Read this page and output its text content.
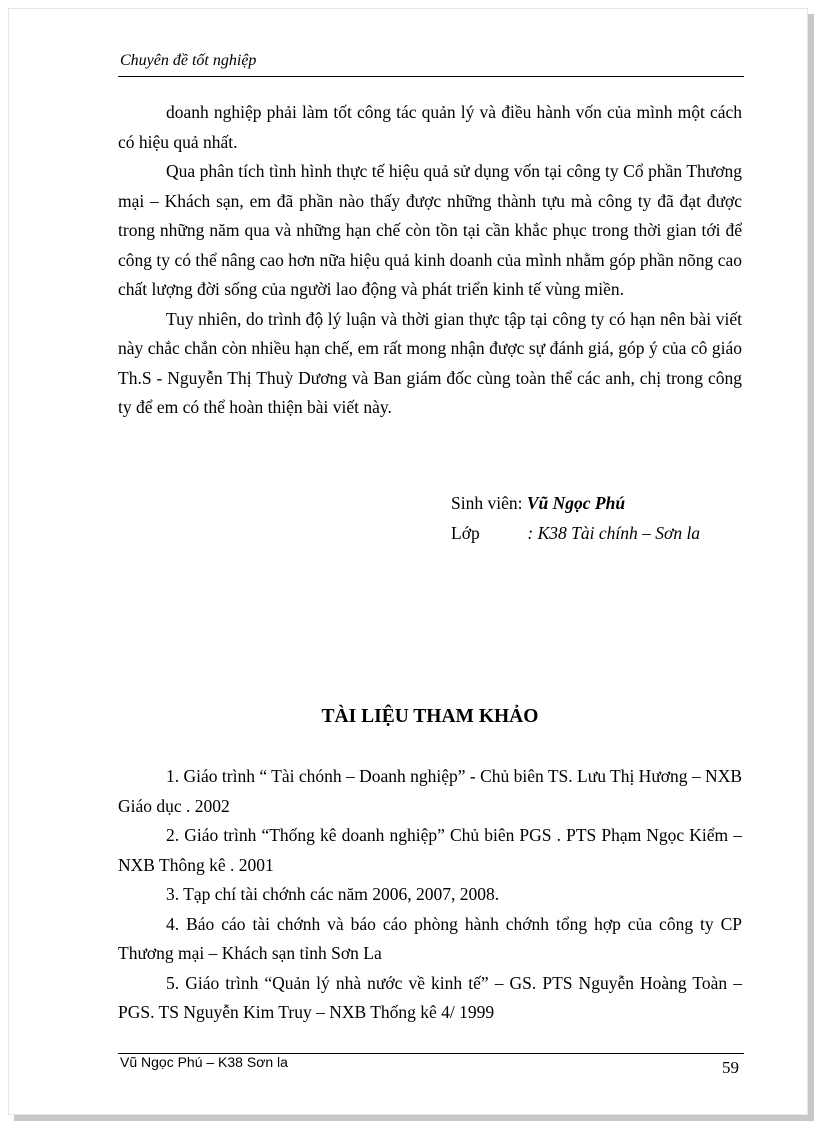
Chuyên đề tốt nghiệp

doanh nghiệp phải làm tốt công tác quản lý và điều hành vốn của mình một cách có hiệu quả nhất.

Qua phân tích tình hình thực tế hiệu quả sử dụng vốn tại công ty Cổ phần Thương mại – Khách sạn, em đã phần nào thấy được những thành tựu mà công ty đã đạt được trong những năm qua và những hạn chế còn tồn tại cần khắc phục trong thời gian tới để công ty có thể nâng cao hơn nữa hiệu quả kinh doanh của mình nhằm góp phần nõng cao chất lượng đời sống của người lao động và phát triển kinh tế vùng miền.

Tuy nhiên, do trình độ lý luận và thời gian thực tập tại công ty có hạn nên bài viết này chắc chắn còn nhiều hạn chế, em rất mong nhận được sự đánh giá, góp ý của cô giáo Th.S - Nguyễn Thị Thuỳ Dương và Ban giám đốc cùng toàn thể các anh, chị trong công ty để em có thể hoàn thiện bài viết này.

Sinh viên: Vũ Ngọc Phú
Lớp	: K38 Tài chính – Sơn la
TÀI LIỆU THAM KHẢO

1. Giáo trình “ Tài chónh – Doanh nghiệp” - Chủ biên TS. Lưu Thị Hương – NXB Giáo dục . 2002

2. Giáo trình “Thống kê doanh nghiệp” Chủ biên PGS . PTS Phạm Ngọc Kiểm – NXB Thông kê . 2001

3. Tạp chí tài chớnh các năm 2006, 2007, 2008.

4. Báo cáo tài chớnh và báo cáo phòng hành chớnh tổng hợp của công ty CP Thương mại – Khách sạn tỉnh Sơn La

5. Giáo trình “Quản lý nhà nước về kinh tế” – GS. PTS Nguyễn Hoàng Toàn – PGS. TS Nguyễn Kim Truy – NXB Thống kê 4/ 1999

Vũ Ngọc Phú – K38 Sơn la	59
